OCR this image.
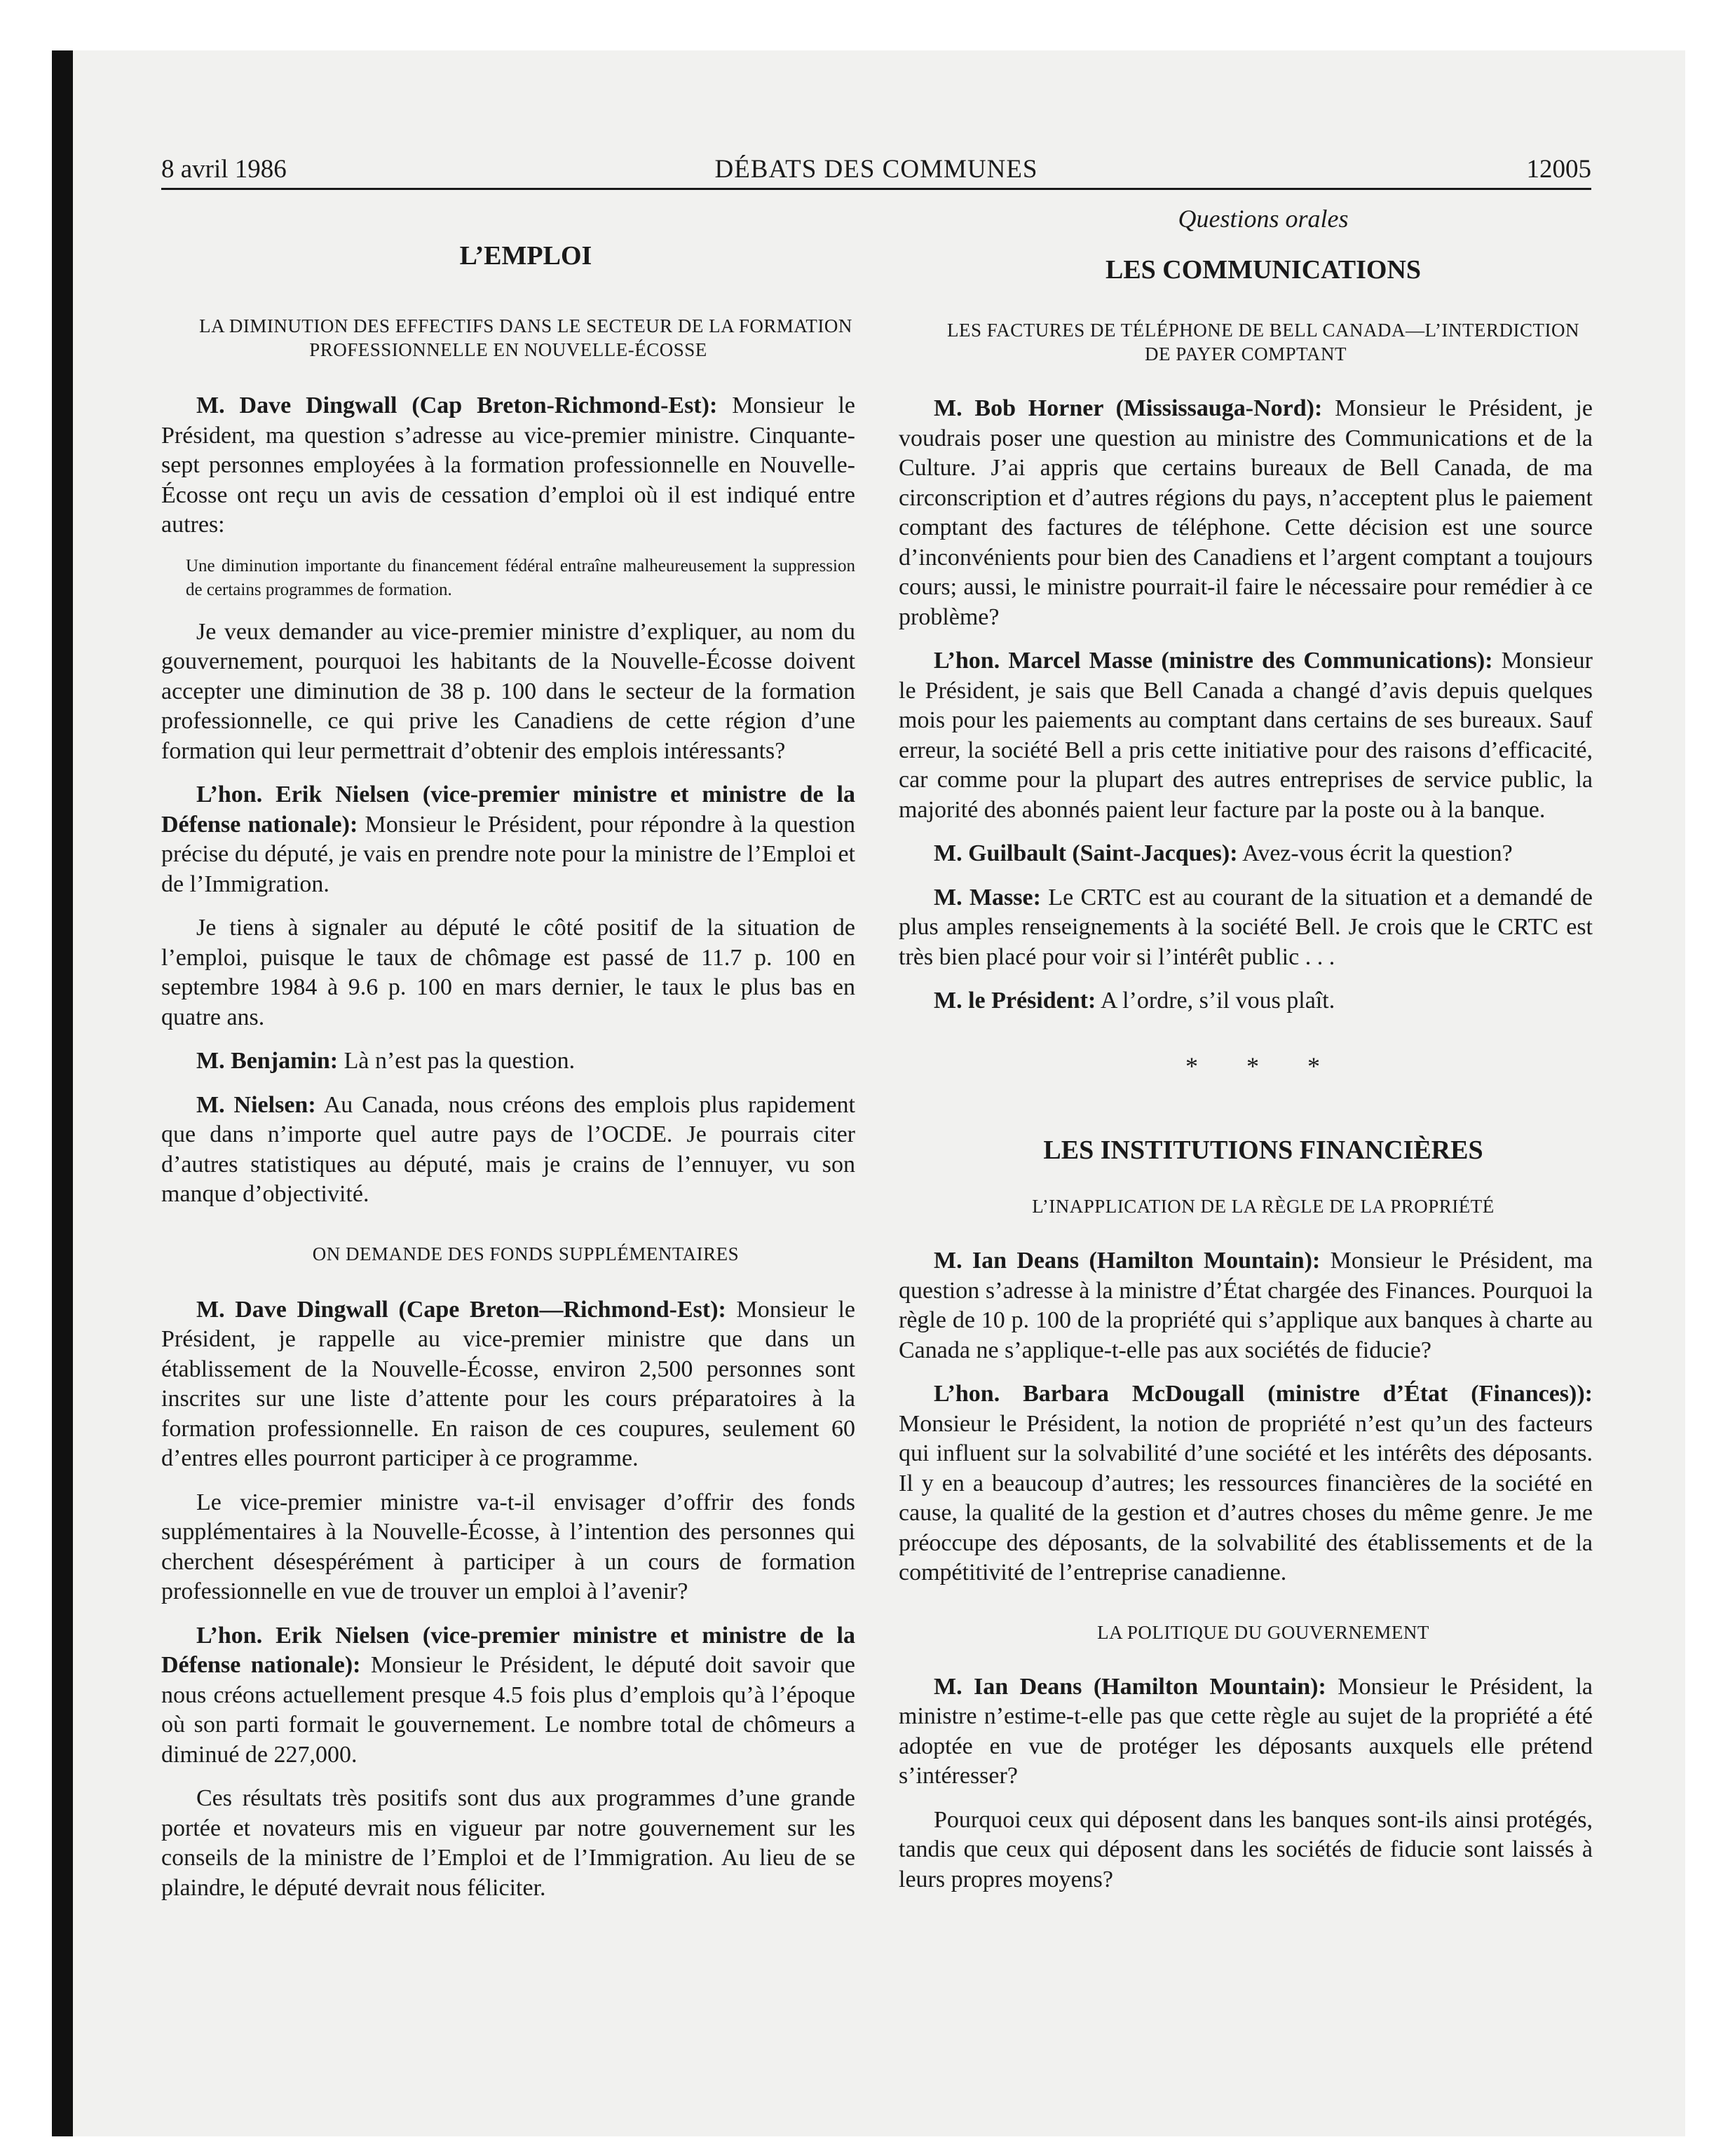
8 avril 1986	DÉBATS DES COMMUNES	12005

L’EMPLOI

LA DIMINUTION DES EFFECTIFS DANS LE SECTEUR DE LA FORMATION PROFESSIONNELLE EN NOUVELLE-ÉCOSSE

M. Dave Dingwall (Cap Breton-Richmond-Est): Monsieur le Président, ma question s’adresse au vice-premier ministre. Cinquante-sept personnes employées à la formation professionnelle en Nouvelle-Écosse ont reçu un avis de cessation d’emploi où il est indiqué entre autres:

Une diminution importante du financement fédéral entraîne malheureusement la suppression de certains programmes de formation.

Je veux demander au vice-premier ministre d’expliquer, au nom du gouvernement, pourquoi les habitants de la Nouvelle-Écosse doivent accepter une diminution de 38 p. 100 dans le secteur de la formation professionnelle, ce qui prive les Canadiens de cette région d’une formation qui leur permettrait d’obtenir des emplois intéressants?

L’hon. Erik Nielsen (vice-premier ministre et ministre de la Défense nationale): Monsieur le Président, pour répondre à la question précise du député, je vais en prendre note pour la ministre de l’Emploi et de l’Immigration.

Je tiens à signaler au député le côté positif de la situation de l’emploi, puisque le taux de chômage est passé de 11.7 p. 100 en septembre 1984 à 9.6 p. 100 en mars dernier, le taux le plus bas en quatre ans.

M. Benjamin: Là n’est pas la question.

M. Nielsen: Au Canada, nous créons des emplois plus rapidement que dans n’importe quel autre pays de l’OCDE. Je pourrais citer d’autres statistiques au député, mais je crains de l’ennuyer, vu son manque d’objectivité.

ON DEMANDE DES FONDS SUPPLÉMENTAIRES

M. Dave Dingwall (Cape Breton—Richmond-Est): Monsieur le Président, je rappelle au vice-premier ministre que dans un établissement de la Nouvelle-Écosse, environ 2,500 personnes sont inscrites sur une liste d’attente pour les cours préparatoires à la formation professionnelle. En raison de ces coupures, seulement 60 d’entres elles pourront participer à ce programme.

Le vice-premier ministre va-t-il envisager d’offrir des fonds supplémentaires à la Nouvelle-Écosse, à l’intention des personnes qui cherchent désespérément à participer à un cours de formation professionnelle en vue de trouver un emploi à l’avenir?

L’hon. Erik Nielsen (vice-premier ministre et ministre de la Défense nationale): Monsieur le Président, le député doit savoir que nous créons actuellement presque 4.5 fois plus d’emplois qu’à l’époque où son parti formait le gouvernement. Le nombre total de chômeurs a diminué de 227,000.

Ces résultats très positifs sont dus aux programmes d’une grande portée et novateurs mis en vigueur par notre gouvernement sur les conseils de la ministre de l’Emploi et de l’Immigration. Au lieu de se plaindre, le député devrait nous féliciter.

Questions orales

LES COMMUNICATIONS

LES FACTURES DE TÉLÉPHONE DE BELL CANADA—L’INTERDICTION DE PAYER COMPTANT

M. Bob Horner (Mississauga-Nord): Monsieur le Président, je voudrais poser une question au ministre des Communications et de la Culture. J’ai appris que certains bureaux de Bell Canada, de ma circonscription et d’autres régions du pays, n’acceptent plus le paiement comptant des factures de téléphone. Cette décision est une source d’inconvénients pour bien des Canadiens et l’argent comptant a toujours cours; aussi, le ministre pourrait-il faire le nécessaire pour remédier à ce problème?

L’hon. Marcel Masse (ministre des Communications): Monsieur le Président, je sais que Bell Canada a changé d’avis depuis quelques mois pour les paiements au comptant dans certains de ses bureaux. Sauf erreur, la société Bell a pris cette initiative pour des raisons d’efficacité, car comme pour la plupart des autres entreprises de service public, la majorité des abonnés paient leur facture par la poste ou à la banque.

M. Guilbault (Saint-Jacques): Avez-vous écrit la question?

M. Masse: Le CRTC est au courant de la situation et a demandé de plus amples renseignements à la société Bell. Je crois que le CRTC est très bien placé pour voir si l’intérêt public . . .

M. le Président: A l’ordre, s’il vous plaît.

* * *

LES INSTITUTIONS FINANCIÈRES

L’INAPPLICATION DE LA RÈGLE DE LA PROPRIÉTÉ

M. Ian Deans (Hamilton Mountain): Monsieur le Président, ma question s’adresse à la ministre d’État chargée des Finances. Pourquoi la règle de 10 p. 100 de la propriété qui s’applique aux banques à charte au Canada ne s’applique-t-elle pas aux sociétés de fiducie?

L’hon. Barbara McDougall (ministre d’État (Finances)): Monsieur le Président, la notion de propriété n’est qu’un des facteurs qui influent sur la solvabilité d’une société et les intérêts des déposants. Il y en a beaucoup d’autres; les ressources financières de la société en cause, la qualité de la gestion et d’autres choses du même genre. Je me préoccupe des déposants, de la solvabilité des établissements et de la compétitivité de l’entreprise canadienne.

LA POLITIQUE DU GOUVERNEMENT

M. Ian Deans (Hamilton Mountain): Monsieur le Président, la ministre n’estime-t-elle pas que cette règle au sujet de la propriété a été adoptée en vue de protéger les déposants auxquels elle prétend s’intéresser?

Pourquoi ceux qui déposent dans les banques sont-ils ainsi protégés, tandis que ceux qui déposent dans les sociétés de fiducie sont laissés à leurs propres moyens?
